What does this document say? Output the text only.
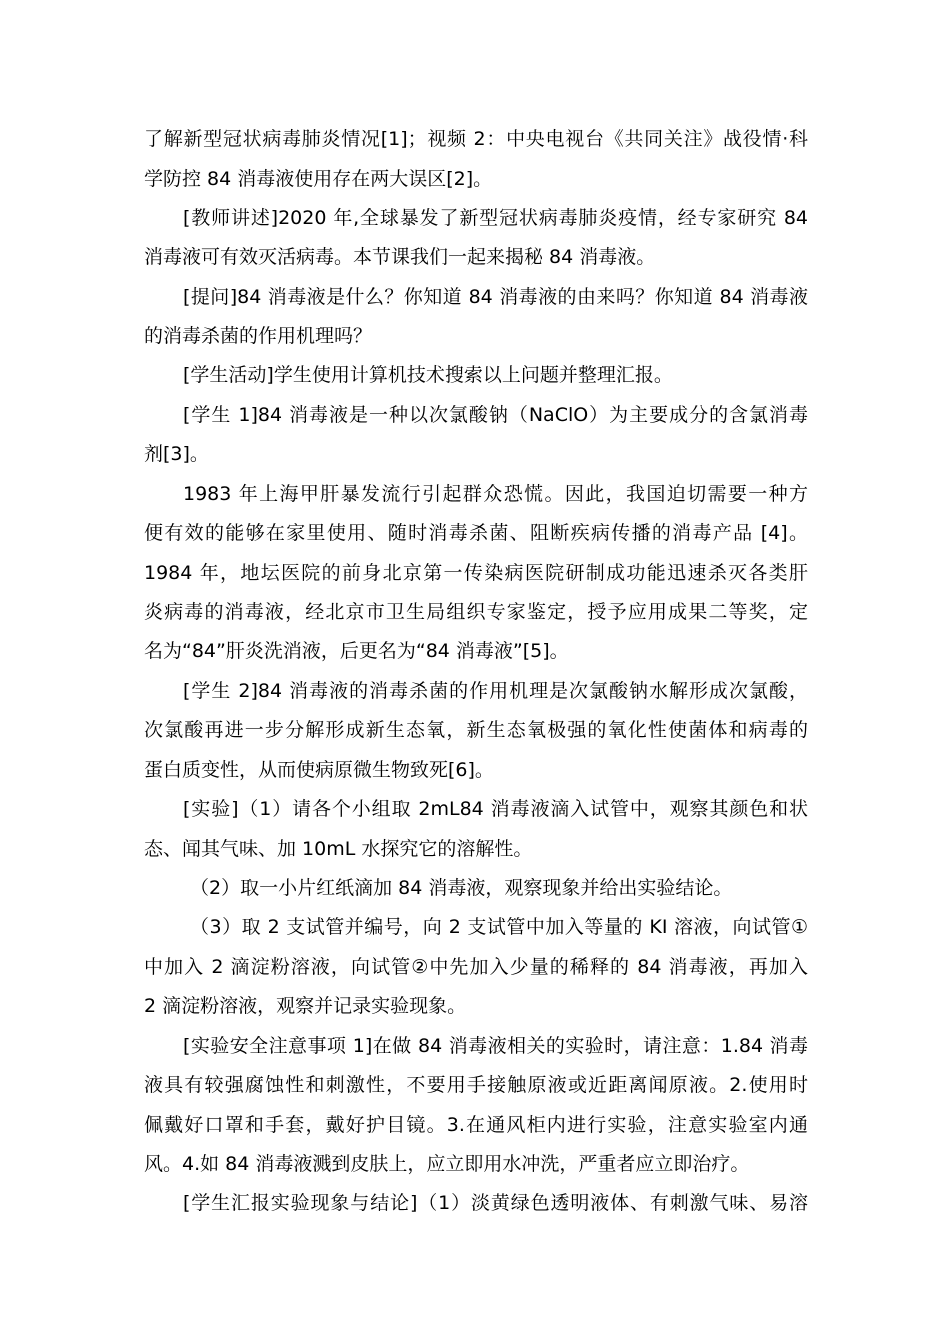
了解新型冠状病毒肺炎情况[1]；视频 2：中央电视台《共同关注》战役情·科
学防控 84 消毒液使用存在两大误区[2]。
[教师讲述]2020 年,全球暴发了新型冠状病毒肺炎疫情，经专家研究 84
消毒液可有效灭活病毒。本节课我们一起来揭秘 84 消毒液。
[提问]84 消毒液是什么？你知道 84 消毒液的由来吗？你知道 84 消毒液
的消毒杀菌的作用机理吗？
[学生活动]学生使用计算机技术搜索以上问题并整理汇报。
[学生 1]84 消毒液是一种以次氯酸钠（NaClO）为主要成分的含氯消毒
剂[3]。
1983 年上海甲肝暴发流行引起群众恐慌。因此，我国迫切需要一种方
便有效的能够在家里使用、随时消毒杀菌、阻断疾病传播的消毒产品 [4]。
1984 年，地坛医院的前身北京第一传染病医院研制成功能迅速杀灭各类肝
炎病毒的消毒液，经北京市卫生局组织专家鉴定，授予应用成果二等奖，定
名为“84”肝炎洗消液，后更名为“84 消毒液”[5]。
[学生 2]84 消毒液的消毒杀菌的作用机理是次氯酸钠水解形成次氯酸，
次氯酸再进一步分解形成新生态氧，新生态氧极强的氧化性使菌体和病毒的
蛋白质变性，从而使病原微生物致死[6]。
[实验]（1）请各个小组取 2mL84 消毒液滴入试管中，观察其颜色和状
态、闻其气味、加 10mL 水探究它的溶解性。
（2）取一小片红纸滴加 84 消毒液，观察现象并给出实验结论。
（3）取 2 支试管并编号，向 2 支试管中加入等量的 KI 溶液，向试管①
中加入 2 滴淀粉溶液，向试管②中先加入少量的稀释的 84 消毒液，再加入
2 滴淀粉溶液，观察并记录实验现象。
[实验安全注意事项 1]在做 84 消毒液相关的实验时，请注意：1.84 消毒
液具有较强腐蚀性和刺激性，不要用手接触原液或近距离闻原液。2.使用时
佩戴好口罩和手套，戴好护目镜。3.在通风柜内进行实验，注意实验室内通
风。4.如 84 消毒液溅到皮肤上，应立即用水冲洗，严重者应立即治疗。
[学生汇报实验现象与结论]（1）淡黄绿色透明液体、有刺激气味、易溶
